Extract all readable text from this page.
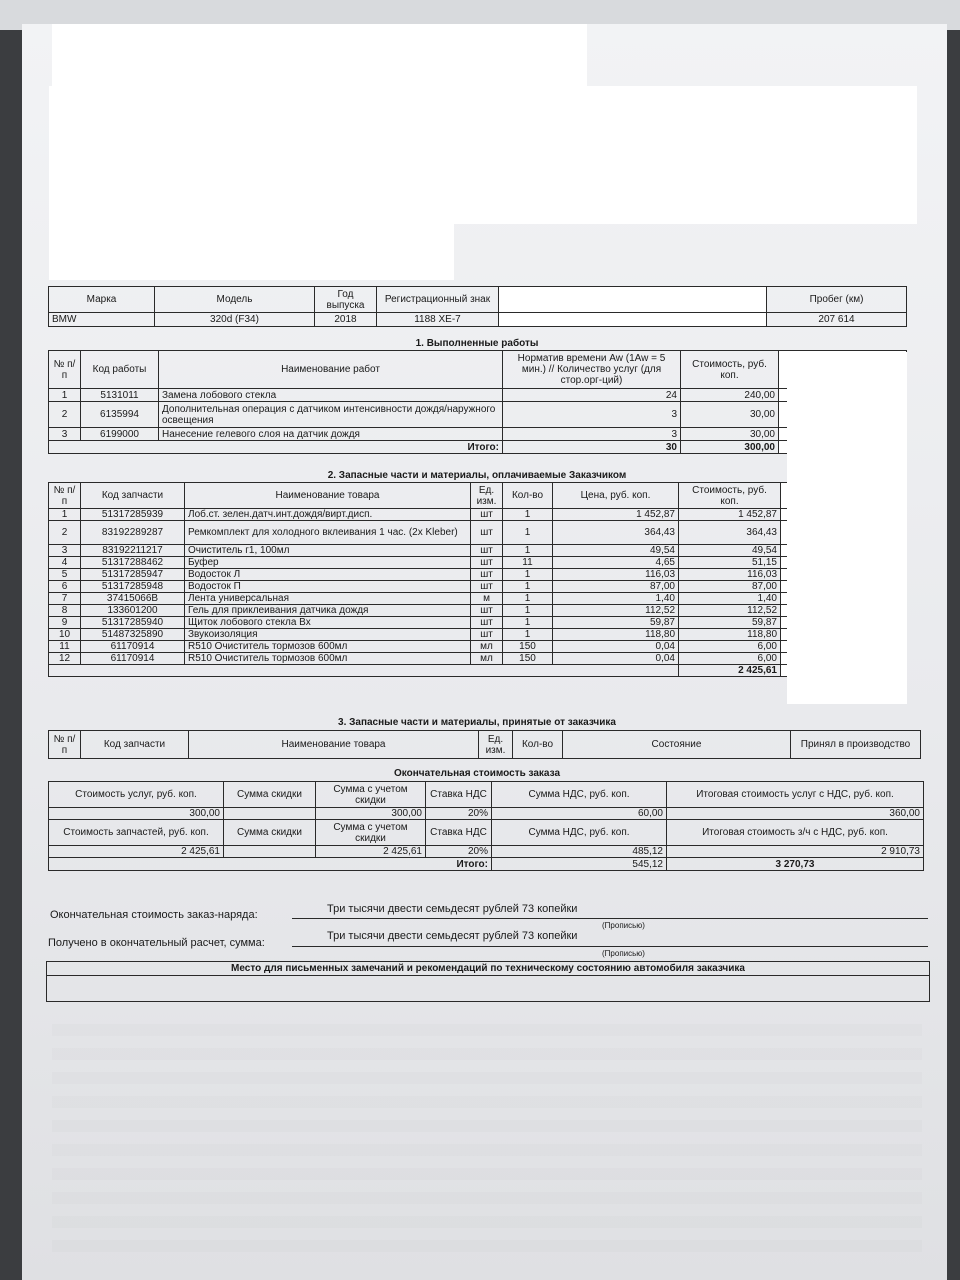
Марка	Модель	Год выпуска	Регистрационный знак		Пробег (км)
BMW	320d (F34)	2018	1188 XE-7		207 614
1. Выполненные работы
№ п/п	Код работы	Наименование работ	Норматив времени Aw (1Aw = 5 мин.) // Количество услуг (для стор.орг-ций)	Стоимость, руб. коп.	
1	5131011	Замена лобового стекла	24	240,00	
2	6135994	Дополнительная операция с датчиком интенсивности дождя/наружного освещения	3	30,00	
3	6199000	Нанесение гелевого слоя на датчик дождя	3	30,00	
Итого:			30	300,00	
2. Запасные части и материалы, оплачиваемые Заказчиком
№ п/п	Код запчасти	Наименование товара	Ед. изм.	Кол-во	Цена, руб. коп.	Стоимость, руб. коп.	
1	51317285939	Лоб.ст. зелен.датч.инт.дождя/вирт.дисп.	шт	1	1 452,87	1 452,87	
2	83192289287	Ремкомплект для холодного вклеивания 1 час. (2x Kleber)	шт	1	364,43	364,43	
3	83192211217	Очиститель г1, 100мл	шт	1	49,54	49,54	
4	51317288462	Буфер	шт	11	4,65	51,15	
5	51317285947	Водосток Л	шт	1	116,03	116,03	
6	51317285948	Водосток П	шт	1	87,00	87,00	
7	37415066B	Лента универсальная	м	1	1,40	1,40	
8	133601200	Гель для приклеивания датчика дождя	шт	1	112,52	112,52	
9	51317285940	Щиток лобового стекла Вх	шт	1	59,87	59,87	
10	51487325890	Звукоизоляция	шт	1	118,80	118,80	
11	61170914	R510 Очиститель тормозов 600мл	мл	150	0,04	6,00	
12	61170914	R510 Очиститель тормозов 600мл	мл	150	0,04	6,00	
						2 425,61	
3. Запасные части и материалы, принятые от заказчика
№ п/п	Код запчасти	Наименование товара	Ед. изм.	Кол-во	Состояние	Принял в производство
Окончательная стоимость заказа
Стоимость услуг, руб. коп.	Сумма скидки	Сумма с учетом скидки	Ставка НДС	Сумма НДС, руб. коп.	Итоговая стоимость услуг с НДС, руб. коп.
300,00		300,00	20%	60,00	360,00
Стоимость запчастей, руб. коп.	Сумма скидки	Сумма с учетом скидки	Ставка НДС	Сумма НДС, руб. коп.	Итоговая стоимость з/ч с НДС, руб. коп.
2 425,61		2 425,61	20%	485,12	2 910,73
Итого:				545,12	3 270,73
Окончательная стоимость заказ-наряда:	Три тысячи двести семьдесят рублей 73 копейки
(Прописью)
Получено в окончательный расчет, сумма:
Три тысячи двести семьдесят рублей 73 копейки
(Прописью)
Место для письменных замечаний и рекомендаций по техническому состоянию автомобиля заказчика
